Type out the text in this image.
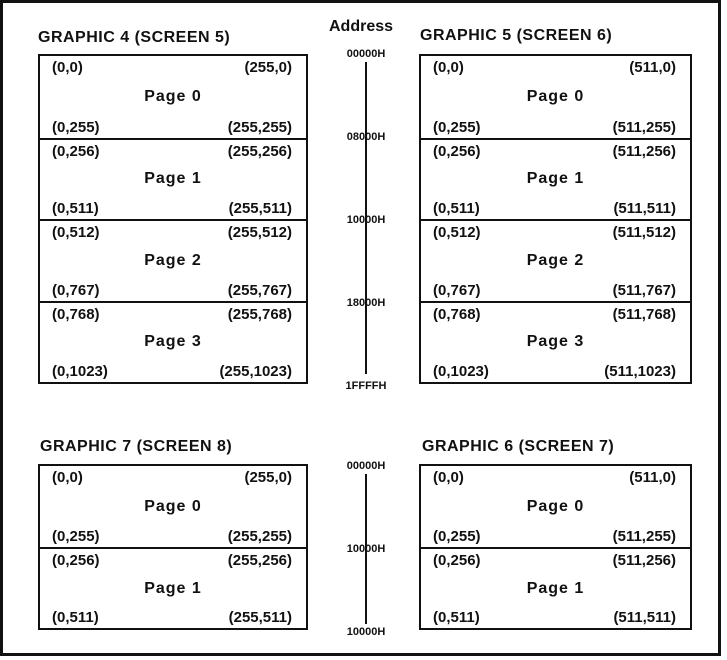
GRAPHIC 4 (SCREEN 5)	GRAPHIC 5 (SCREEN 6)
GRAPHIC 7 (SCREEN 8)	GRAPHIC 6 (SCREEN 7)
Address
(0,0)	(255,0)
(0,255)	(255,255)
Page 0
(0,256)	(255,256)
(0,511)	(255,511)
Page 1
(0,512)	(255,512)
(0,767)	(255,767)
Page 2
(0,768)	(255,768)
(0,1023)	(255,1023)
Page 3
(0,0)	(511,0)
(0,255)	(511,255)
Page 0
(0,256)	(511,256)
(0,511)	(511,511)
Page 1
(0,512)	(511,512)
(0,767)	(511,767)
Page 2
(0,768)	(511,768)
(0,1023)	(511,1023)
Page 3
(0,0)	(255,0)
(0,255)	(255,255)
Page 0
(0,256)	(255,256)
(0,511)	(255,511)
Page 1
(0,0)	(511,0)
(0,255)	(511,255)
Page 0
(0,256)	(511,256)
(0,511)	(511,511)
Page 1
00000H
08000H
10000H
18000H
1FFFFH
00000H
10000H
10000H
